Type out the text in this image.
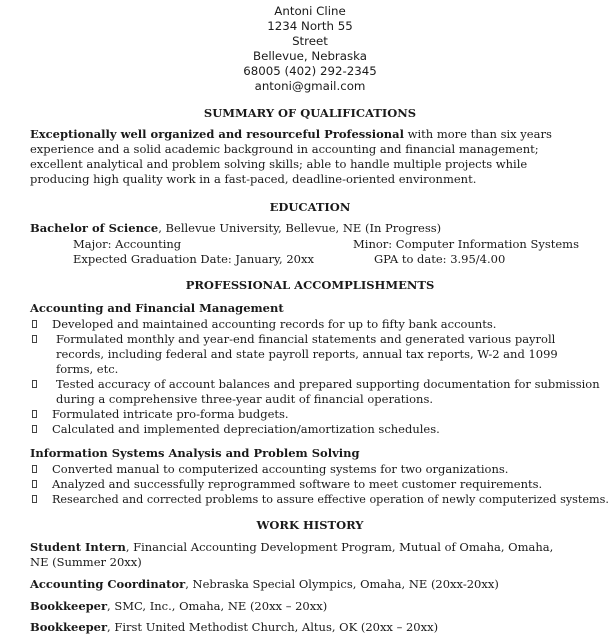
Antoni Cline
1234 North 55
Street
Bellevue, Nebraska
68005 (402) 292-2345
antoni@gmail.com
SUMMARY OF QUALIFICATIONS
Exceptionally well organized and resourceful Professional with more than six years experience and a solid academic background in accounting and financial management; excellent analytical and problem solving skills; able to handle multiple projects while producing high quality work in a fast-paced, deadline-oriented environment.
EDUCATION
Bachelor of Science, Bellevue University, Bellevue, NE (In Progress)
Major: Accounting	Minor: Computer Information Systems
Expected Graduation Date: January, 20xx	GPA to date: 3.95/4.00
PROFESSIONAL ACCOMPLISHMENTS
Accounting and Financial Management
Developed and maintained accounting records for up to fifty bank accounts.
Formulated monthly and year-end financial statements and generated various payroll records, including federal and state payroll reports, annual tax reports, W-2 and 1099 forms, etc.
Tested accuracy of account balances and prepared supporting documentation for submission during a comprehensive three-year audit of financial operations.
Formulated intricate pro-forma budgets.
Calculated and implemented depreciation/amortization schedules.
Information Systems Analysis and Problem Solving
Converted manual to computerized accounting systems for two organizations.
Analyzed and successfully reprogrammed software to meet customer requirements.
Researched and corrected problems to assure effective operation of newly computerized systems.
WORK HISTORY
Student Intern, Financial Accounting Development Program, Mutual of Omaha, Omaha,
NE (Summer 20xx)
Accounting Coordinator, Nebraska Special Olympics, Omaha, NE (20xx-20xx)
Bookkeeper, SMC, Inc., Omaha, NE (20xx – 20xx)
Bookkeeper, First United Methodist Church, Altus, OK (20xx – 20xx)
